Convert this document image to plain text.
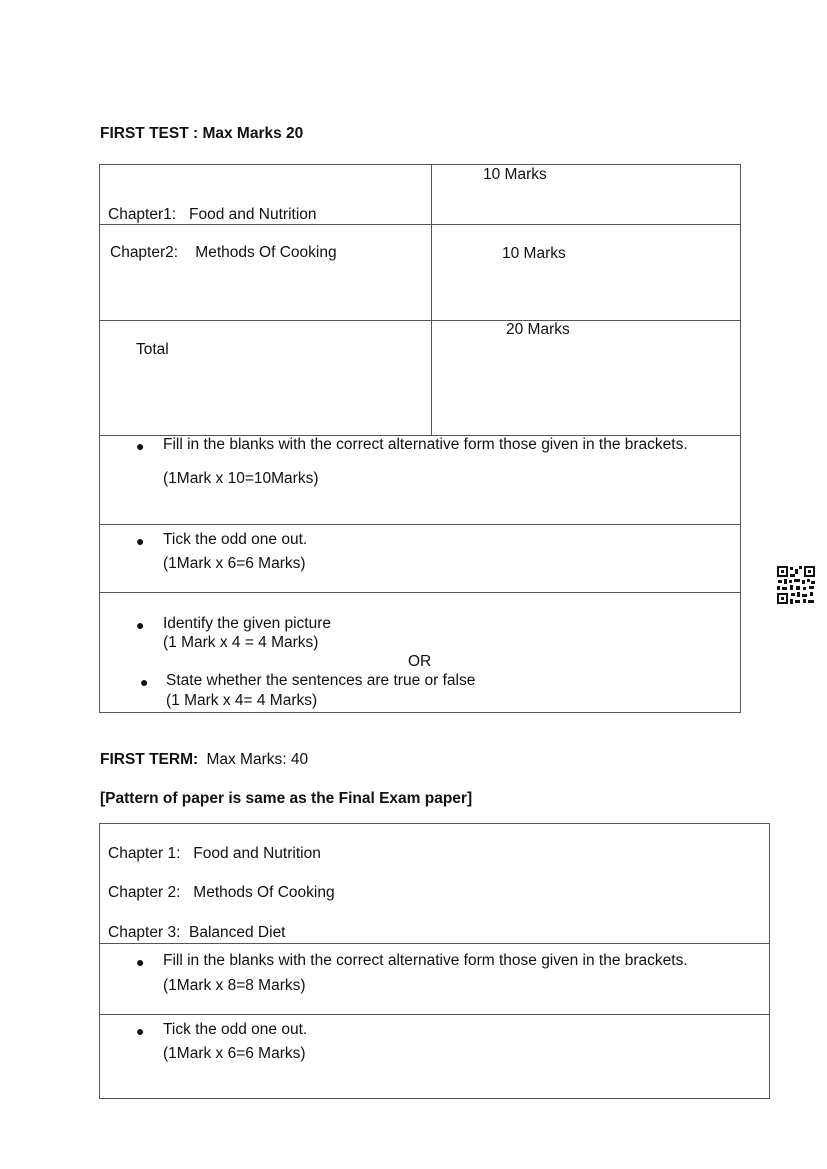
FIRST TEST : Max Marks 20
10 Marks
Chapter1:   Food and Nutrition
Chapter2:    Methods Of Cooking	10 Marks
20 Marks
Total
● Fill in the blanks with the correct alternative form those given in the brackets.
(1Mark x 10=10Marks)
● Tick the odd one out.
(1Mark x 6=6 Marks)
● Identify the given picture
(1 Mark x 4 = 4 Marks)
OR
● State whether the sentences are true or false
(1 Mark x 4= 4 Marks)
FIRST TERM: Max Marks: 40
[Pattern of paper is same as the Final Exam paper]
Chapter 1:   Food and Nutrition
Chapter 2:   Methods Of Cooking
Chapter 3:  Balanced Diet
● Fill in the blanks with the correct alternative form those given in the brackets.
(1Mark x 8=8 Marks)
● Tick the odd one out.
(1Mark x 6=6 Marks)
